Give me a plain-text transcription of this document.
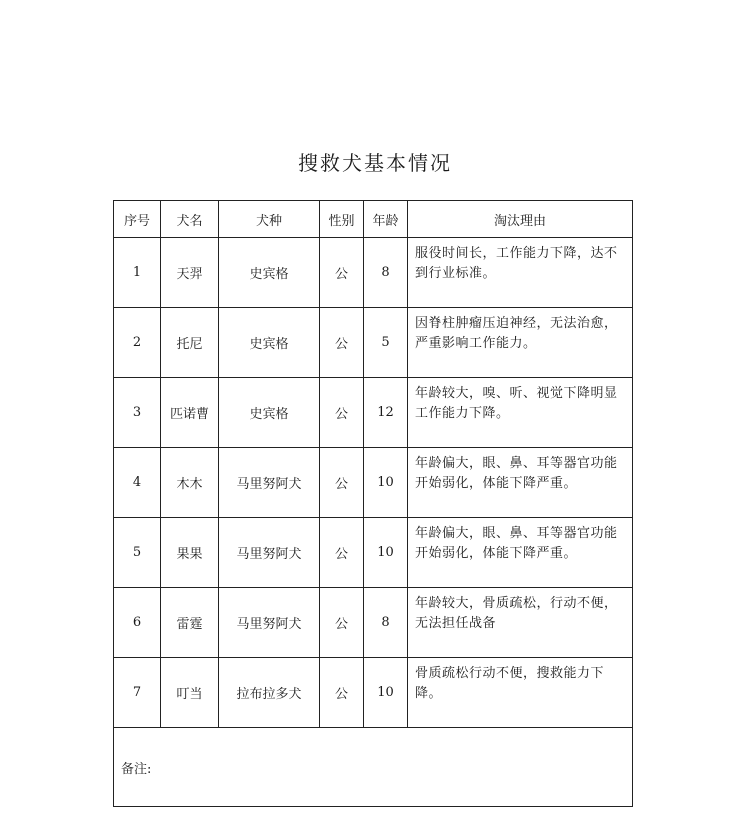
搜救犬基本情况
序号	犬名	犬种	性别	年龄	淘汰理由
1	天羿	史宾格	公	8	服役时间长，工作能力下降，达不到行业标准。
2	托尼	史宾格	公	5	因脊柱肿瘤压迫神经，无法治愈，严重影响工作能力。
3	匹诺曹	史宾格	公	12	年龄较大，嗅、听、视觉下降明显工作能力下降。
4	木木	马里努阿犬	公	10	年龄偏大，眼、鼻、耳等器官功能开始弱化，体能下降严重。
5	果果	马里努阿犬	公	10	年龄偏大，眼、鼻、耳等器官功能开始弱化，体能下降严重。
6	雷霆	马里努阿犬	公	8	年龄较大，骨质疏松，行动不便，无法担任战备
7	叮当	拉布拉多犬	公	10	骨质疏松行动不便，搜救能力下降。
备注:					
